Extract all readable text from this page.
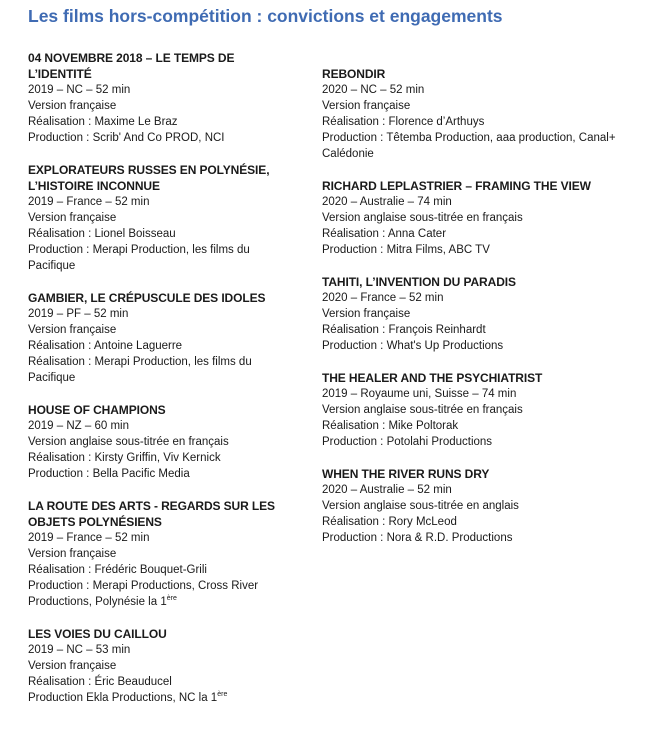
Les films hors-compétition : convictions et engagements
04 NOVEMBRE 2018 – LE TEMPS DE L’IDENTITÉ
2019 – NC – 52 min
Version française
Réalisation : Maxime Le Braz
Production : Scrib' And Co PROD, NCI
EXPLORATEURS RUSSES EN POLYNÉSIE, L’HISTOIRE INCONNUE
2019 – France – 52 min
Version française
Réalisation : Lionel Boisseau
Production : Merapi Production, les films du Pacifique
GAMBIER, LE CRÉPUSCULE DES IDOLES
2019 – PF – 52 min
Version française
Réalisation : Antoine Laguerre
Réalisation : Merapi Production, les films du Pacifique
HOUSE OF CHAMPIONS
2019 – NZ – 60 min
Version anglaise sous-titrée en français
Réalisation : Kirsty Griffin, Viv Kernick
Production : Bella Pacific Media
LA ROUTE DES ARTS - REGARDS SUR LES OBJETS POLYNÉSIENS
2019 – France – 52 min
Version française
Réalisation : Frédéric Bouquet-Grili
Production : Merapi Productions, Cross River Productions, Polynésie la 1ère
LES VOIES DU CAILLOU
2019 – NC – 53 min
Version française
Réalisation : Éric Beauducel
Production Ekla Productions, NC la 1ère
REBONDIR
2020 – NC – 52 min
Version française
Réalisation : Florence d’Arthuys
Production : Têtemba Production, aaa production, Canal+ Calédonie
RICHARD LEPLASTRIER – FRAMING THE VIEW
2020 – Australie – 74 min
Version anglaise sous-titrée en français
Réalisation : Anna Cater
Production : Mitra Films, ABC TV
TAHITI, L’INVENTION DU PARADIS
2020 – France – 52 min
Version française
Réalisation : François Reinhardt
Production : What's Up Productions
THE HEALER AND THE PSYCHIATRIST
2019 – Royaume uni, Suisse – 74 min
Version anglaise sous-titrée en français
Réalisation : Mike Poltorak
Production : Potolahi Productions
WHEN THE RIVER RUNS DRY
2020 – Australie – 52 min
Version anglaise sous-titrée en anglais
Réalisation : Rory McLeod
Production : Nora & R.D. Productions
